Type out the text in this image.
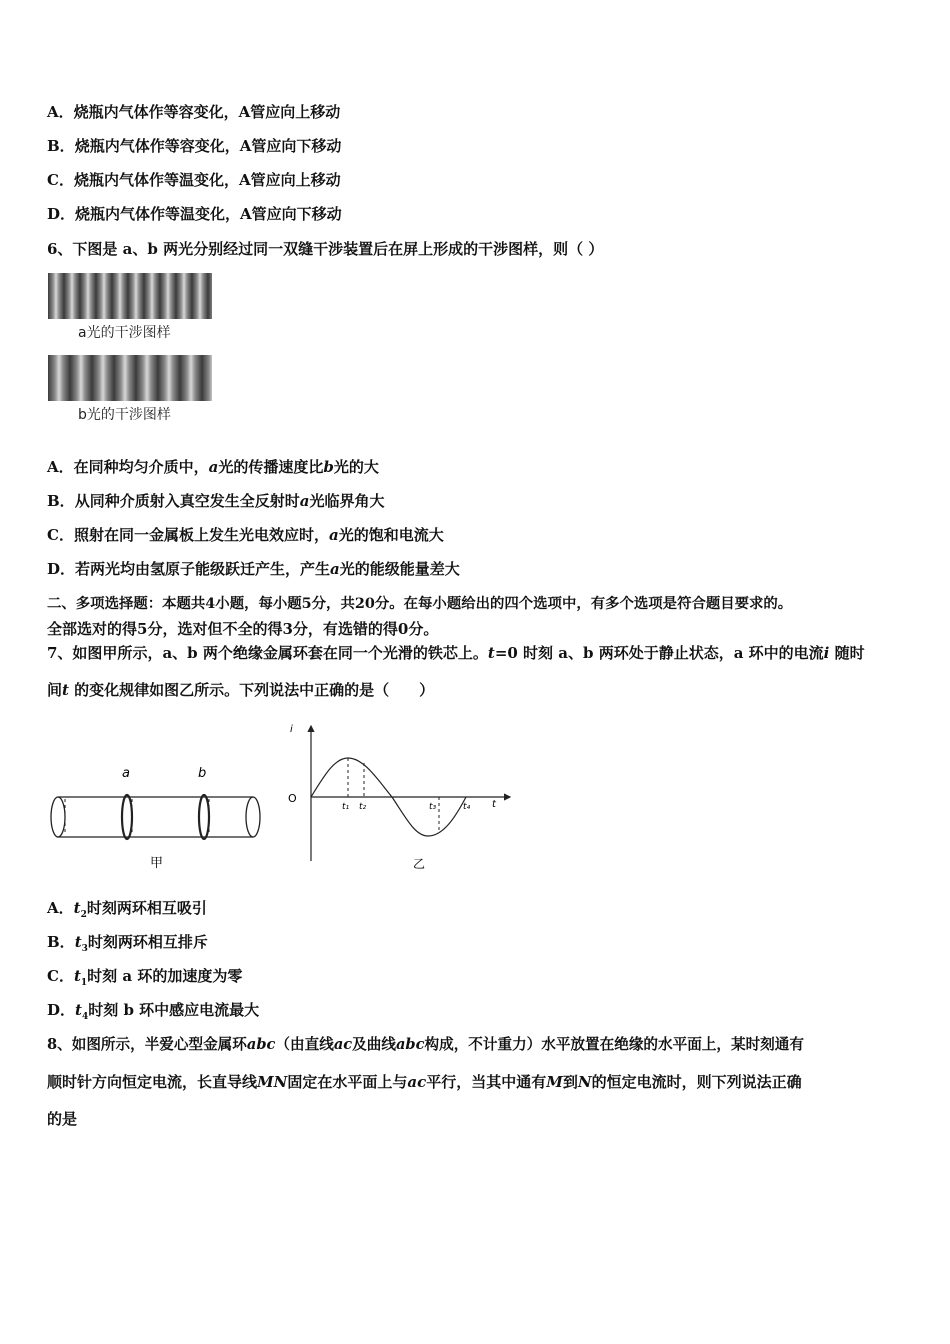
A．烧瓶内气体作等容变化，A管应向上移动
B．烧瓶内气体作等容变化，A管应向下移动
C．烧瓶内气体作等温变化，A管应向上移动
D．烧瓶内气体作等温变化，A管应向下移动
6、下图是 a、b 两光分别经过同一双缝干涉装置后在屏上形成的干涉图样，则（ ）
a光的干涉图样
b光的干涉图样
A．在同种均匀介质中，a光的传播速度比b光的大
B．从同种介质射入真空发生全反射时a光临界角大
C．照射在同一金属板上发生光电效应时，a光的饱和电流大
D．若两光均由氢原子能级跃迁产生，产生a光的能级能量差大
二、多项选择题：本题共4小题，每小题5分，共20分。在每小题给出的四个选项中，有多个选项是符合题目要求的。
全部选对的得5分，选对但不全的得3分，有选错的得0分。
7、如图甲所示，a、b 两个绝缘金属环套在同一个光滑的铁芯上。t=0 时刻 a、b 两环处于静止状态，a 环中的电流i 随时
间t 的变化规律如图乙所示。下列说法中正确的是（　　）
a	b
甲
O
i
t
t₁ t₂	t₃	t₄
乙
A．$t_2$时刻两环相互吸引
B．$t_3$时刻两环相互排斥
C．$t_1$时刻 a 环的加速度为零
D．$t_4$时刻 b 环中感应电流最大
8、如图所示，半爱心型金属环abc（由直线ac及曲线abc构成，不计重力）水平放置在绝缘的水平面上，某时刻通有
顺时针方向恒定电流，长直导线MN固定在水平面上与ac平行，当其中通有M到N的恒定电流时，则下列说法正确
的是
